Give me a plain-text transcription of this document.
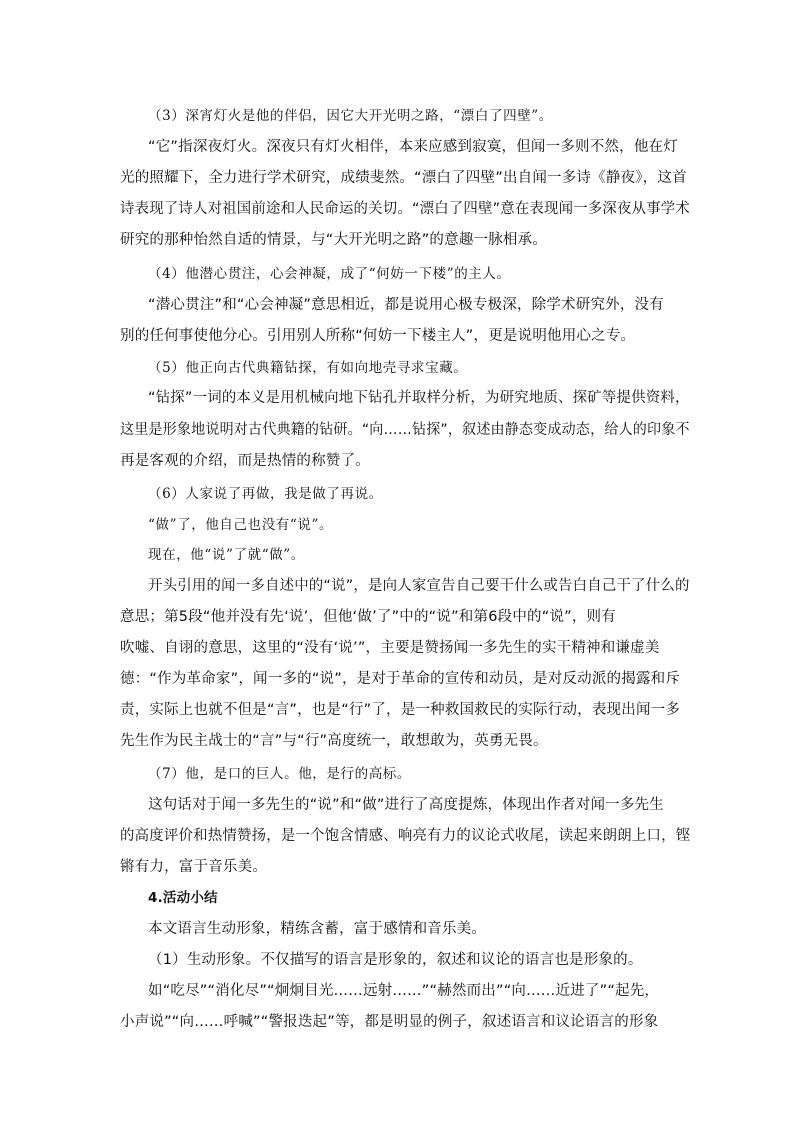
（3）深宵灯火是他的伴侣，因它大开光明之路，“漂白了四壁”。
“它”指深夜灯火。深夜只有灯火相伴，本来应感到寂寞，但闻一多则不然，他在灯
光的照耀下，全力进行学术研究，成绩斐然。“漂白了四壁”出自闻一多诗《静夜》，这首
诗表现了诗人对祖国前途和人民命运的关切。“漂白了四壁”意在表现闻一多深夜从事学术
研究的那种怡然自适的情景，与“大开光明之路”的意趣一脉相承。
（4）他潜心贯注，心会神凝，成了“何妨一下楼”的主人。
“潜心贯注”和“心会神凝”意思相近，都是说用心极专极深，除学术研究外，没有
别的任何事使他分心。引用别人所称“何妨一下楼主人”，更是说明他用心之专。
（5）他正向古代典籍钻探，有如向地壳寻求宝藏。
“钻探”一词的本义是用机械向地下钻孔并取样分析，为研究地质、探矿等提供资料，
这里是形象地说明对古代典籍的钻研。“向……钻探”，叙述由静态变成动态，给人的印象不
再是客观的介绍，而是热情的称赞了。
（6）人家说了再做，我是做了再说。
“做”了，他自己也没有“说”。
现在，他“说”了就“做”。
开头引用的闻一多自述中的“说”，是向人家宣告自己要干什么或告白自己干了什么的
意思；第5段“他并没有先‘说’，但他‘做’了”中的“说”和第6段中的“说”，则有
吹嘘、自诩的意思，这里的“没有‘说’”，主要是赞扬闻一多先生的实干精神和谦虚美
德：“作为革命家”，闻一多的“说”，是对于革命的宣传和动员，是对反动派的揭露和斥
责，实际上也就不但是“言”，也是“行”了，是一种救国救民的实际行动，表现出闻一多
先生作为民主战士的“言”与“行”高度统一，敢想敢为，英勇无畏。
（7）他，是口的巨人。他，是行的高标。
这句话对于闻一多先生的“说”和“做”进行了高度提炼，体现出作者对闻一多先生
的高度评价和热情赞扬，是一个饱含情感、响亮有力的议论式收尾，读起来朗朗上口，铿
锵有力，富于音乐美。
4.活动小结
本文语言生动形象，精练含蓄，富于感情和音乐美。
（1）生动形象。不仅描写的语言是形象的，叙述和议论的语言也是形象的。
如“吃尽”“消化尽”“炯炯目光……远射……”“赫然而出”“向……近进了”“起先，
小声说”“向……呼喊”“警报迭起”等，都是明显的例子，叙述语言和议论语言的形象
